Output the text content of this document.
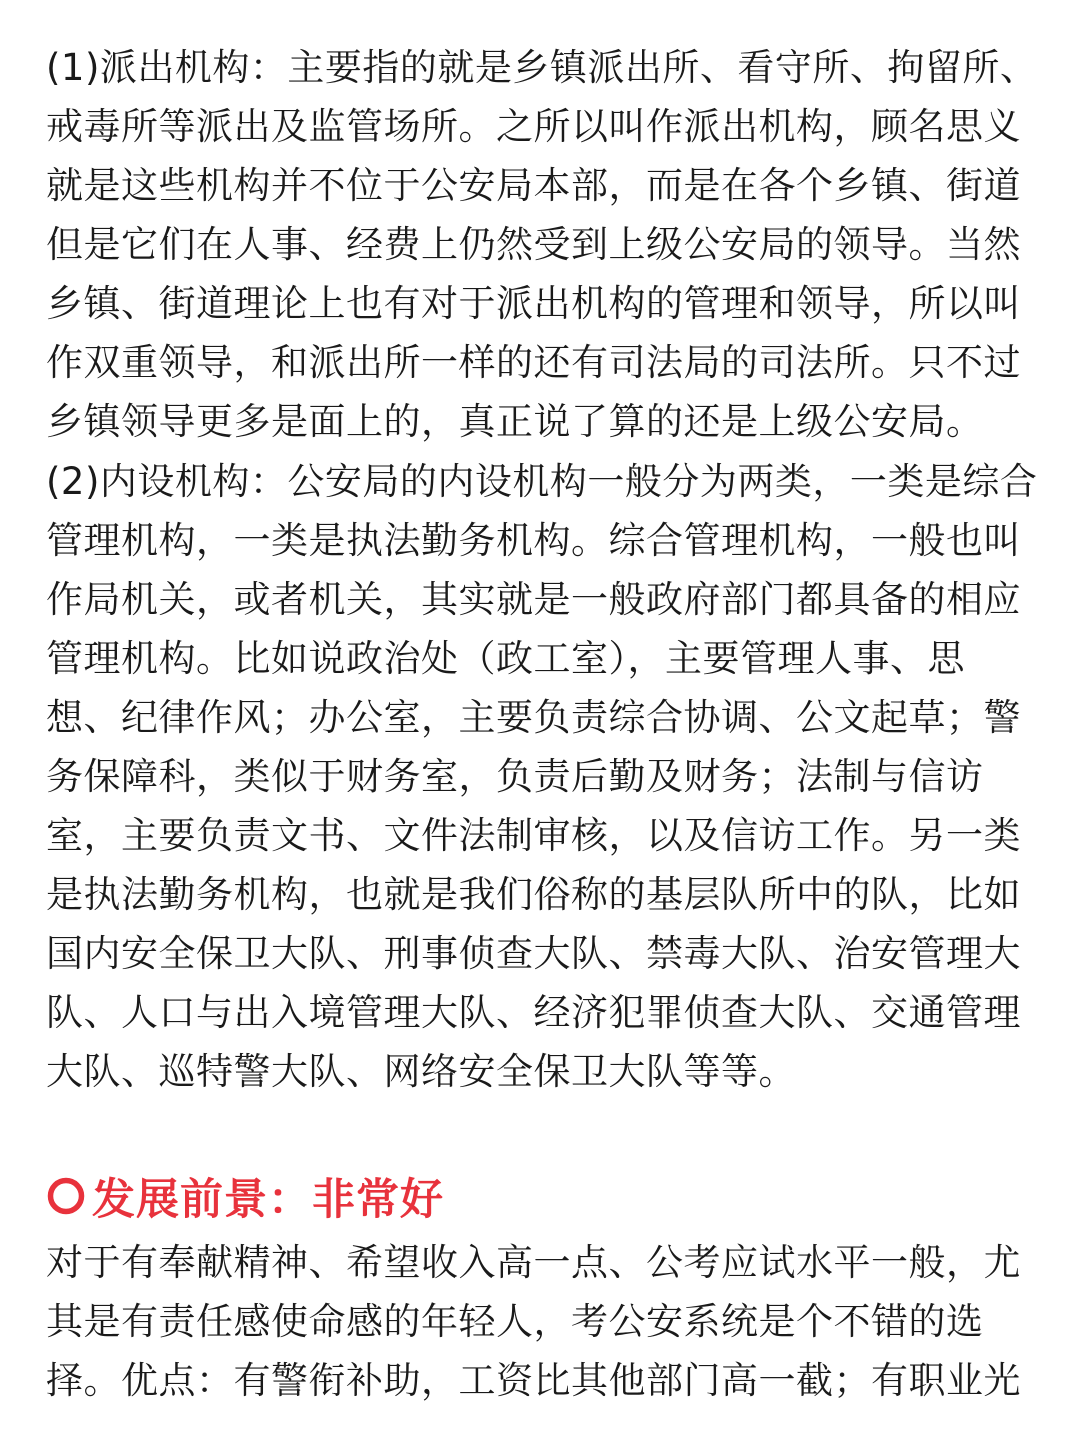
(1)派出机构：主要指的就是乡镇派出所、看守所、拘留所、
戒毒所等派出及监管场所。之所以叫作派出机构，顾名思义
就是这些机构并不位于公安局本部，而是在各个乡镇、街道
但是它们在人事、经费上仍然受到上级公安局的领导。当然
乡镇、街道理论上也有对于派出机构的管理和领导，所以叫
作双重领导，和派出所一样的还有司法局的司法所。只不过
乡镇领导更多是面上的，真正说了算的还是上级公安局。
(2)内设机构：公安局的内设机构一般分为两类，一类是综合
管理机构，一类是执法勤务机构。综合管理机构，一般也叫
作局机关，或者机关，其实就是一般政府部门都具备的相应
管理机构。比如说政治处（政工室），主要管理人事、思
想、纪律作风；办公室，主要负责综合协调、公文起草；警
务保障科，类似于财务室，负责后勤及财务；法制与信访
室，主要负责文书、文件法制审核，以及信访工作。另一类
是执法勤务机构，也就是我们俗称的基层队所中的队，比如
国内安全保卫大队、刑事侦查大队、禁毒大队、治安管理大
队、人口与出入境管理大队、经济犯罪侦查大队、交通管理
大队、巡特警大队、网络安全保卫大队等等。
发展前景：非常好
对于有奉献精神、希望收入高一点、公考应试水平一般，尤
其是有责任感使命感的年轻人，考公安系统是个不错的选
择。优点：有警衔补助，工资比其他部门高一截；有职业光
